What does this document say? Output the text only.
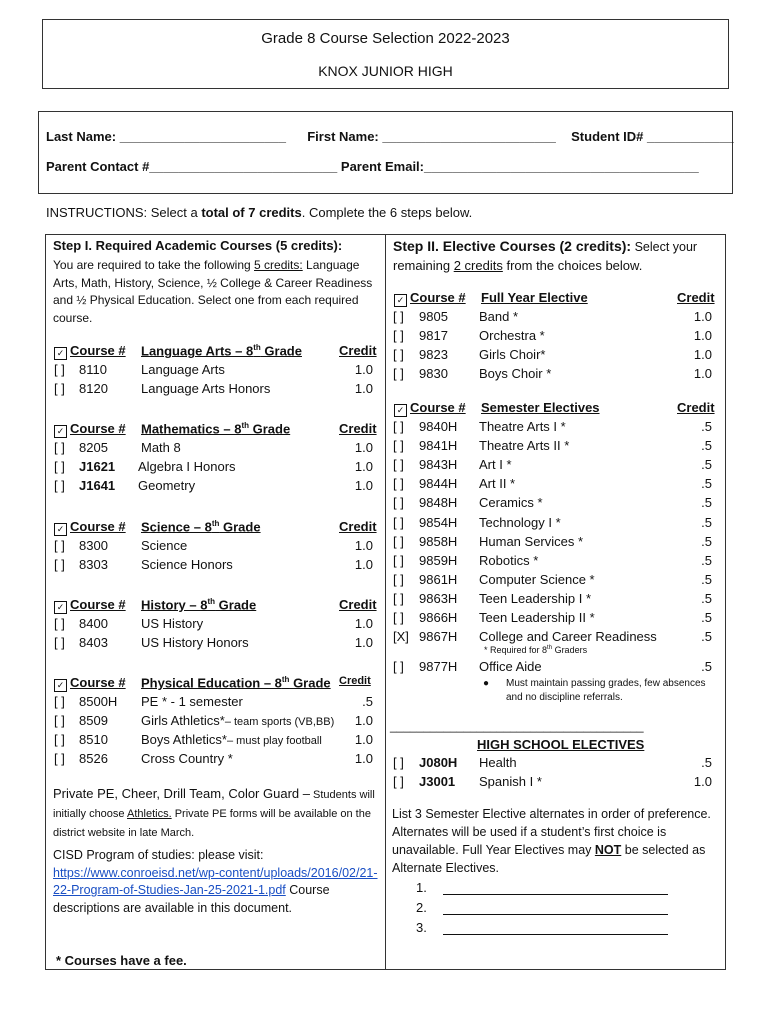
Grade 8 Course Selection 2022-2023
KNOX JUNIOR HIGH
Last Name: _______________________ First Name: ________________________ Student ID# ____________
Parent Contact #__________________________ Parent Email:______________________________________
INSTRUCTIONS: Select a total of 7 credits. Complete the 6 steps below.
Step I. Required Academic Courses (5 credits):
You are required to take the following 5 credits: Language Arts, Math, History, Science, ½ College & Career Readiness and ½ Physical Education. Select one from each required course.
✓ Course # Language Arts – 8th Grade	Credit
[ ] 8110	Language Arts	1.0
[ ] 8120	Language Arts Honors	1.0
✓ Course # Mathematics – 8th Grade	Credit
[ ] 8205	Math 8	1.0
[ ] J1621 Algebra I Honors	1.0
[ ] J1641 Geometry	1.0
✓ Course # Science – 8th Grade	Credit
[ ] 8300	Science	1.0
[ ] 8303	Science Honors	1.0
✓ Course # History – 8th Grade	Credit
[ ] 8400	US History	1.0
[ ] 8403	US History Honors	1.0
✓ Course # Physical Education – 8th Grade Credit
[ ] 8500H PE * - 1 semester	.5
[ ] 8509	Girls Athletics*– team sports (VB,BB)	1.0
[ ] 8510	Boys Athletics*– must play football	1.0
[ ] 8526	Cross Country *	1.0
Private PE, Cheer, Drill Team, Color Guard – Students will initially choose Athletics. Private PE forms will be available on the district website in late March.
CISD Program of studies: please visit:
https://www.conroeisd.net/wp-content/uploads/2016/02/21-22-Program-of-Studies-Jan-25-2021-1.pdf Course descriptions are available in this document.
* Courses have a fee.
Step II. Elective Courses (2 credits): Select your
remaining 2 credits from the choices below.
✓ Course # Full Year Elective	Credit
[ ] 9805 Band *	1.0
[ ] 9817 Orchestra *	1.0
[ ] 9823 Girls Choir*	1.0
[ ] 9830 Boys Choir *	1.0
✓ Course # Semester Electives	Credit
[ ] 9840H Theatre Arts I *	.5
[ ] 9841H Theatre Arts II *	.5
[ ] 9843H Art I *	.5
[ ] 9844H Art II *	.5
[ ] 9848H Ceramics *	.5
[ ] 9854H Technology I *	.5
[ ] 9858H Human Services *	.5
[ ] 9859H Robotics *	.5
[ ] 9861H Computer Science *	.5
[ ] 9863H Teen Leadership I *	.5
[ ] 9866H Teen Leadership II *	.5
[X] 9867H College and Career Readiness	.5
* Required for 8th Graders
[ ] 9877H Office Aide	.5
● Must maintain passing grades, few absences and no discipline referrals.
______________________________________
HIGH SCHOOL ELECTIVES
[ ] J080H Health	.5
[ ] J3001 Spanish I *	1.0
List 3 Semester Elective alternates in order of preference. Alternates will be used if a student’s first choice is unavailable. Full Year Electives may NOT be selected as Alternate Electives.
1.
2.
3.
